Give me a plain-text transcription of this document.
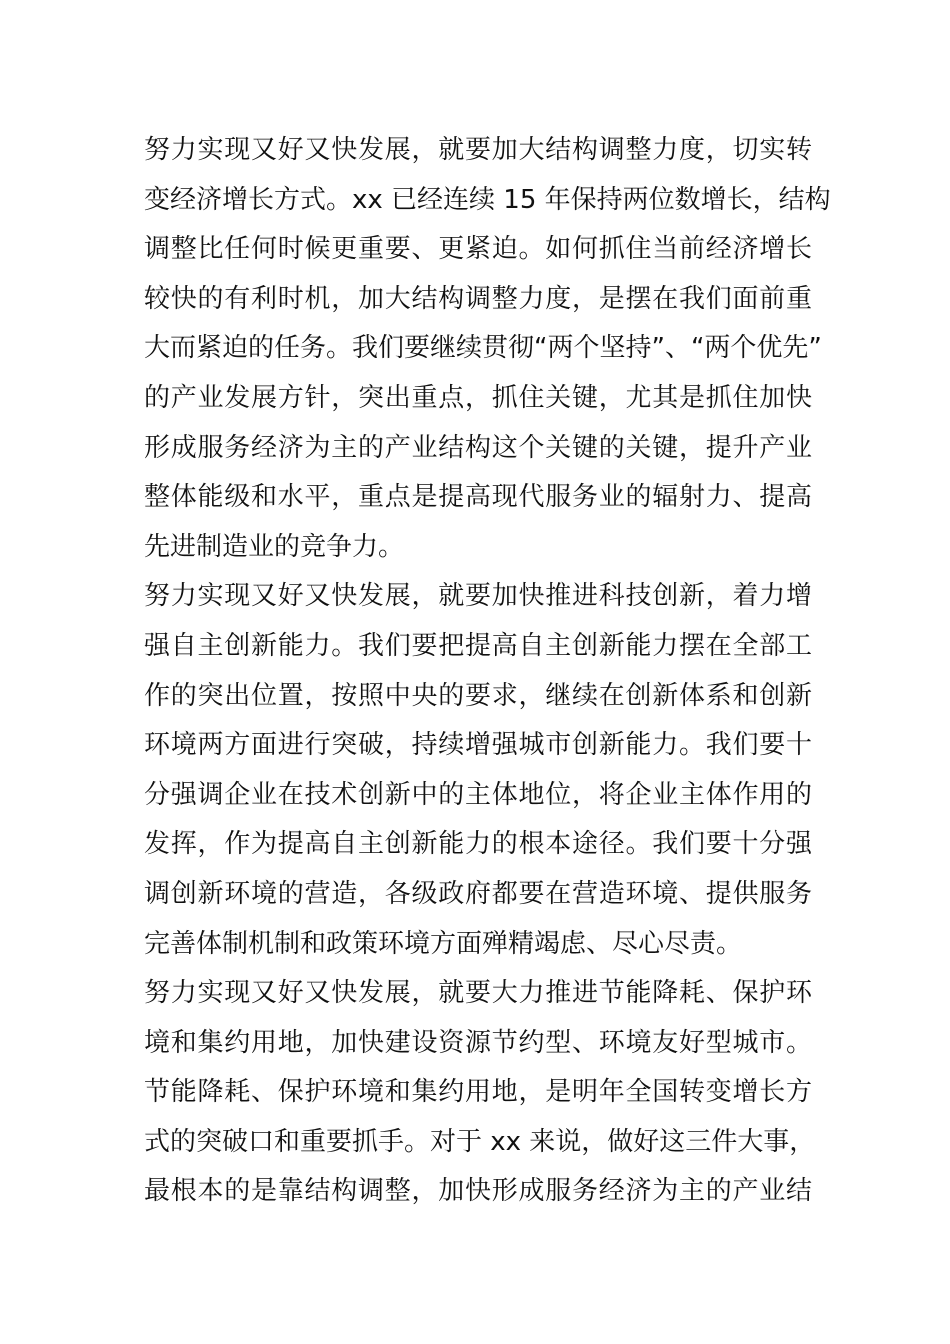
努力实现又好又快发展，就要加大结构调整力度，切实转
变经济增长方式。xx 已经连续 15 年保持两位数增长，结构
调整比任何时候更重要、更紧迫。如何抓住当前经济增长
较快的有利时机，加大结构调整力度，是摆在我们面前重
大而紧迫的任务。我们要继续贯彻“两个坚持”、“两个优先”
的产业发展方针，突出重点，抓住关键，尤其是抓住加快
形成服务经济为主的产业结构这个关键的关键，提升产业
整体能级和水平，重点是提高现代服务业的辐射力、提高
先进制造业的竞争力。
努力实现又好又快发展，就要加快推进科技创新，着力增
强自主创新能力。我们要把提高自主创新能力摆在全部工
作的突出位置，按照中央的要求，继续在创新体系和创新
环境两方面进行突破，持续增强城市创新能力。我们要十
分强调企业在技术创新中的主体地位，将企业主体作用的
发挥，作为提高自主创新能力的根本途径。我们要十分强
调创新环境的营造，各级政府都要在营造环境、提供服务
完善体制机制和政策环境方面殚精竭虑、尽心尽责。
努力实现又好又快发展，就要大力推进节能降耗、保护环
境和集约用地，加快建设资源节约型、环境友好型城市。
节能降耗、保护环境和集约用地，是明年全国转变增长方
式的突破口和重要抓手。对于 xx 来说，做好这三件大事，
最根本的是靠结构调整，加快形成服务经济为主的产业结
